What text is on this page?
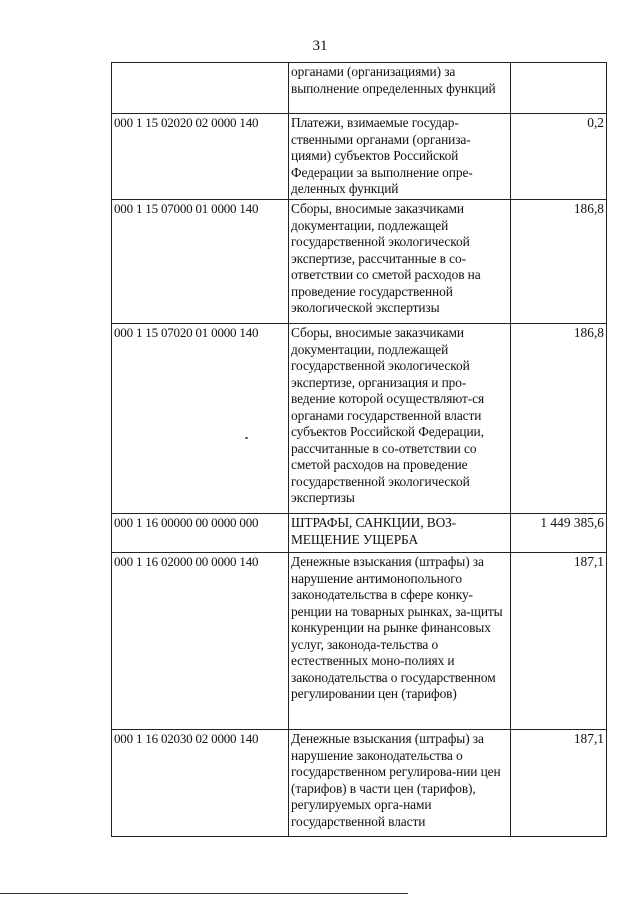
31
	органами (организациями) за выполнение определенных функций	
000 1 15 02020 02 0000 140	Платежи, взимаемые государ-ственными органами (организа-циями) субъектов Российской Федерации за выполнение опре-деленных функций	0,2
000 1 15 07000 01 0000 140	Сборы, вносимые заказчиками документации, подлежащей государственной экологической экспертизе, рассчитанные в со-ответствии со сметой расходов на проведение государственной экологической экспертизы	186,8
000 1 15 07020 01 0000 140	Сборы, вносимые заказчиками документации, подлежащей государственной экологической экспертизе, организация и про-ведение которой осуществляют-ся органами государственной власти субъектов Российской Федерации, рассчитанные в со-ответствии со сметой расходов на проведение государственной экологической экспертизы	186,8
000 1 16 00000 00 0000 000	ШТРАФЫ, САНКЦИИ, ВОЗ-МЕЩЕНИЕ УЩЕРБА	1 449 385,6
000 1 16 02000 00 0000 140	Денежные взыскания (штрафы) за нарушение антимонопольного законодательства в сфере конку-ренции на товарных рынках, за-щиты конкуренции на рынке финансовых услуг, законода-тельства о естественных моно-полиях и законодательства о государственном регулировании цен (тарифов)	187,1
000 1 16 02030 02 0000 140	Денежные взыскания (штрафы) за нарушение законодательства о государственном регулирова-нии цен (тарифов) в части цен (тарифов), регулируемых орга-нами государственной власти	187,1
